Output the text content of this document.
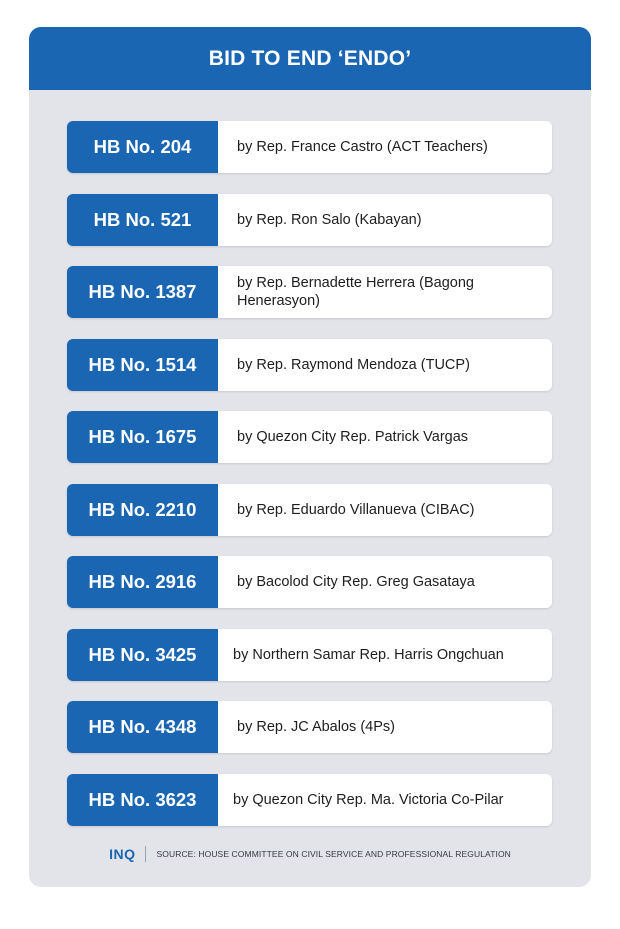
BID TO END ‘ENDO’
HB No. 204	by Rep. France Castro (ACT Teachers)
HB No. 521	by Rep. Ron Salo (Kabayan)
HB No. 1387	by Rep. Bernadette Herrera (Bagong Henerasyon)
HB No. 1514	by Rep. Raymond Mendoza (TUCP)
HB No. 1675	by Quezon City Rep. Patrick Vargas
HB No. 2210	by Rep. Eduardo Villanueva (CIBAC)
HB No. 2916	by Bacolod City Rep. Greg Gasataya
HB No. 3425	by Northern Samar Rep. Harris Ongchuan
HB No. 4348	by Rep. JC Abalos (4Ps)
HB No. 3623	by Quezon City Rep. Ma. Victoria Co-Pilar
INQ	SOURCE: HOUSE COMMITTEE ON CIVIL SERVICE AND PROFESSIONAL REGULATION
